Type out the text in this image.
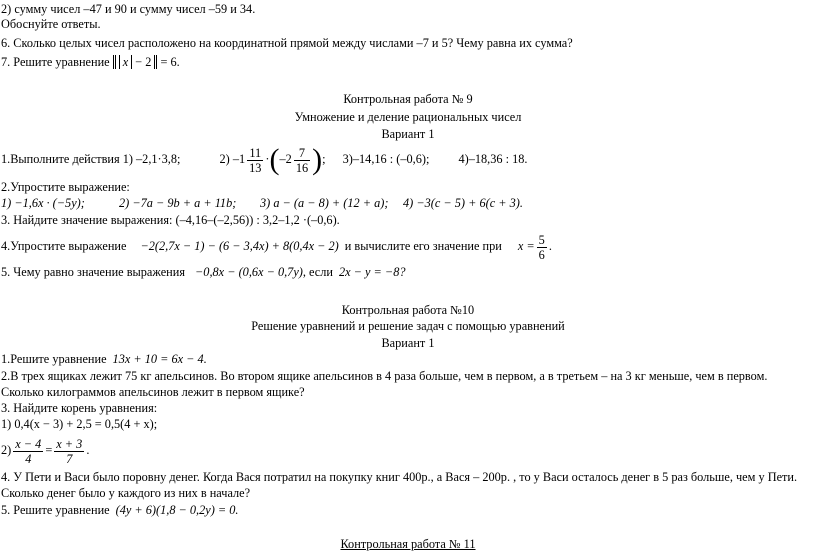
2) сумму чисел –47 и 90 и сумму чисел –59 и 34.
Обоснуйте ответы.
6. Сколько целых чисел расположено на координатной прямой между числами –7 и 5? Чему равна их сумма?
7. Решите уравнение x − 2 = 6.
Контрольная работа № 9
Умножение и деление рациональных чисел
Вариант 1
1.Выполните действия 1) –2,1·3,8;	2) $-1 \frac{11}{13} \cdot(-2 \frac{7}{16}$ ); 3)–14,16 : (–0,6); 4)–18,36 : 18.
2.Упростите выражение:
1) −1,6x · (−5y);	2) −7a − 9b + a + 11b; 3) a − (a − 8) + (12 + a); 4) −3(c − 5) + 6(c + 3).
3. Найдите значение выражения: (–4,16–(–2,56)) : 3,2–1,2 ·(–0,6).
4.Упростите выражение −2(2,7x − 1) − (6 − 3,4x) + 8(0,4x − 2) и вычислите его значение при $x = \frac{5}{6}$ .
5. Чему равно значение выражения −0,8x − (0,6x − 0,7y), если 2x − y = −8?
Контрольная работа №10
Решение уравнений и решение задач с помощью уравнений
Вариант 1
1.Решите уравнение 13x + 10 = 6x − 4.
2.В трех ящиках лежит 75 кг апельсинов. Во втором ящике апельсинов в 4 раза больше, чем в первом, а в третьем – на 3 кг меньше, чем в первом.
Сколько килограммов апельсинов лежит в первом ящике?
3. Найдите корень уравнения:
1) 0,4(x − 3) + 2,5 = 0,5(4 + x);
$2) \frac{x - 4}{4} = \frac{x + 3}{7}$ .
4. У Пети и Васи было поровну денег. Когда Вася потратил на покупку книг 400р., а Вася – 200р. , то у Васи осталось денег в 5 раз больше, чем у Пети.
Сколько денег было у каждого из них в начале?
5. Решите уравнение (4y + 6)(1,8 − 0,2y) = 0.
Контрольная работа № 11
